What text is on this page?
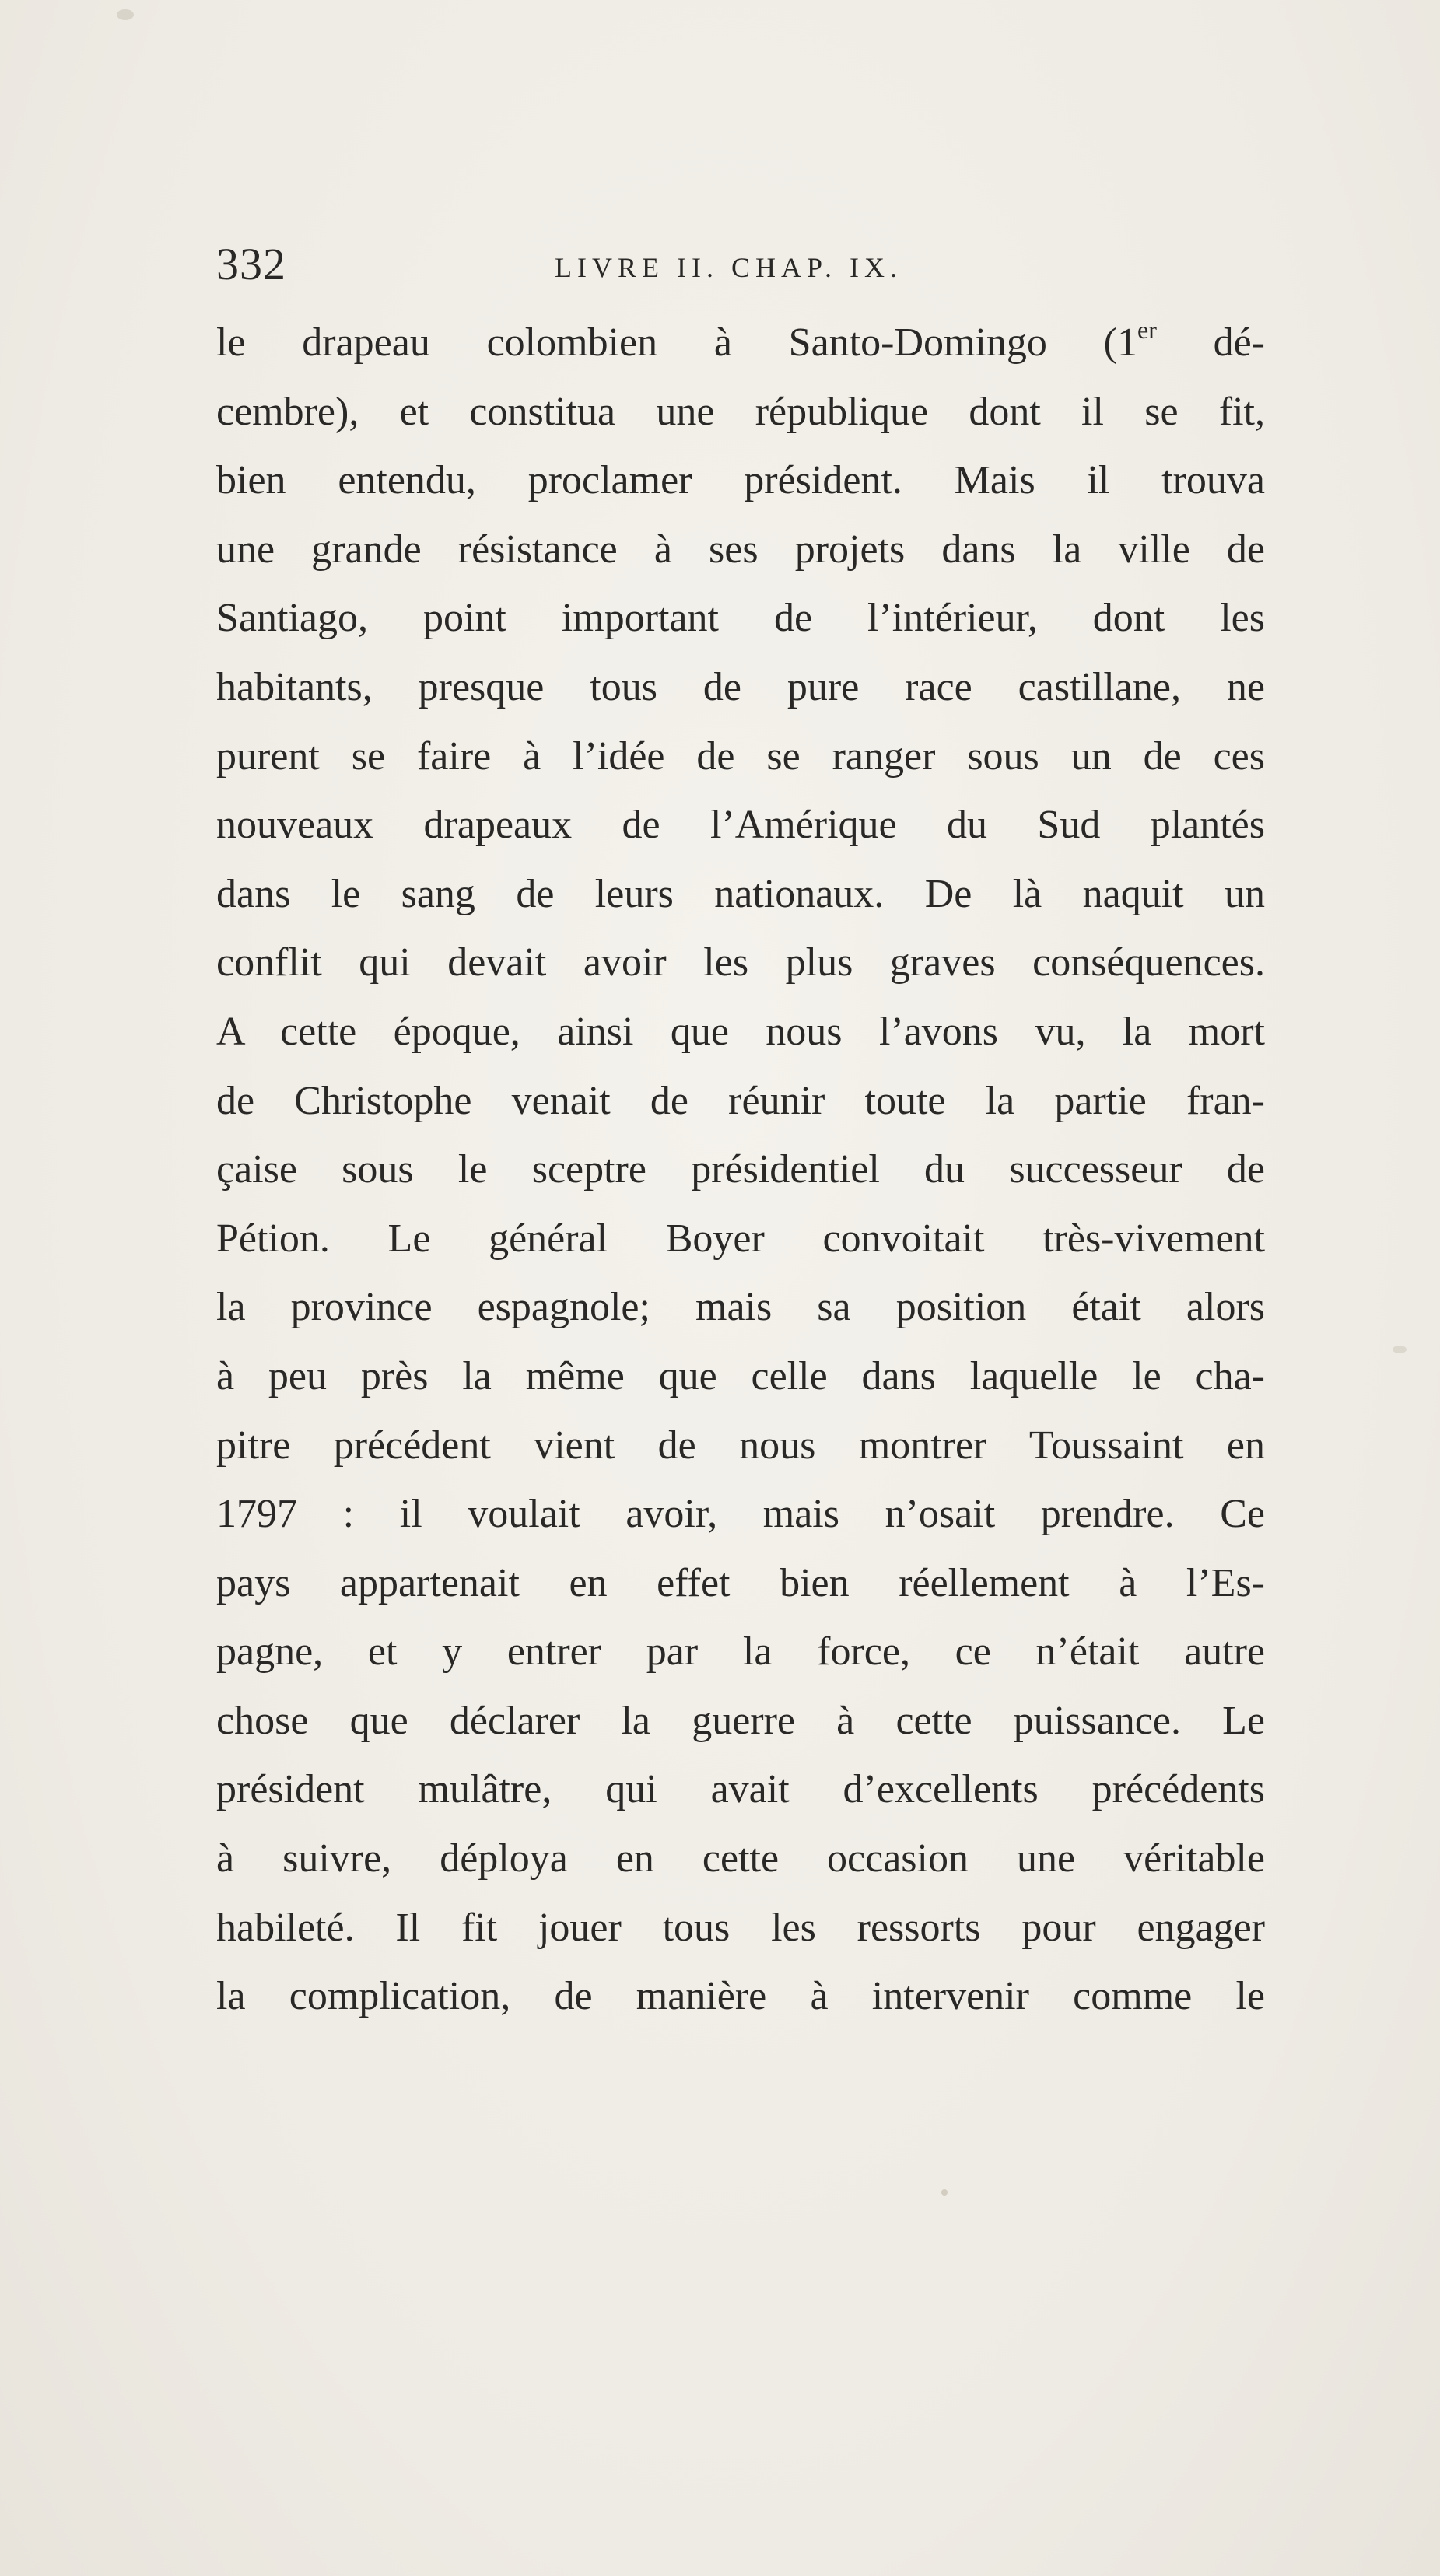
332	LIVRE II. CHAP. IX.
le drapeau colombien à Santo-Domingo (1er dé-
cembre), et constitua une république dont il se fit,
bien entendu, proclamer président. Mais il trouva
une grande résistance à ses projets dans la ville de
Santiago, point important de l’intérieur, dont les
habitants, presque tous de pure race castillane, ne
purent se faire à l’idée de se ranger sous un de ces
nouveaux drapeaux de l’Amérique du Sud plantés
dans le sang de leurs nationaux. De là naquit un
conflit qui devait avoir les plus graves conséquences.
A cette époque, ainsi que nous l’avons vu, la mort
de Christophe venait de réunir toute la partie fran-
çaise sous le sceptre présidentiel du successeur de
Pétion. Le général Boyer convoitait très-vivement
la province espagnole; mais sa position était alors
à peu près la même que celle dans laquelle le cha-
pitre précédent vient de nous montrer Toussaint en
1797 : il voulait avoir, mais n’osait prendre. Ce
pays appartenait en effet bien réellement à l’Es-
pagne, et y entrer par la force, ce n’était autre
chose que déclarer la guerre à cette puissance. Le
président mulâtre, qui avait d’excellents précédents
à suivre, déploya en cette occasion une véritable
habileté. Il fit jouer tous les ressorts pour engager
la complication, de manière à intervenir comme le
